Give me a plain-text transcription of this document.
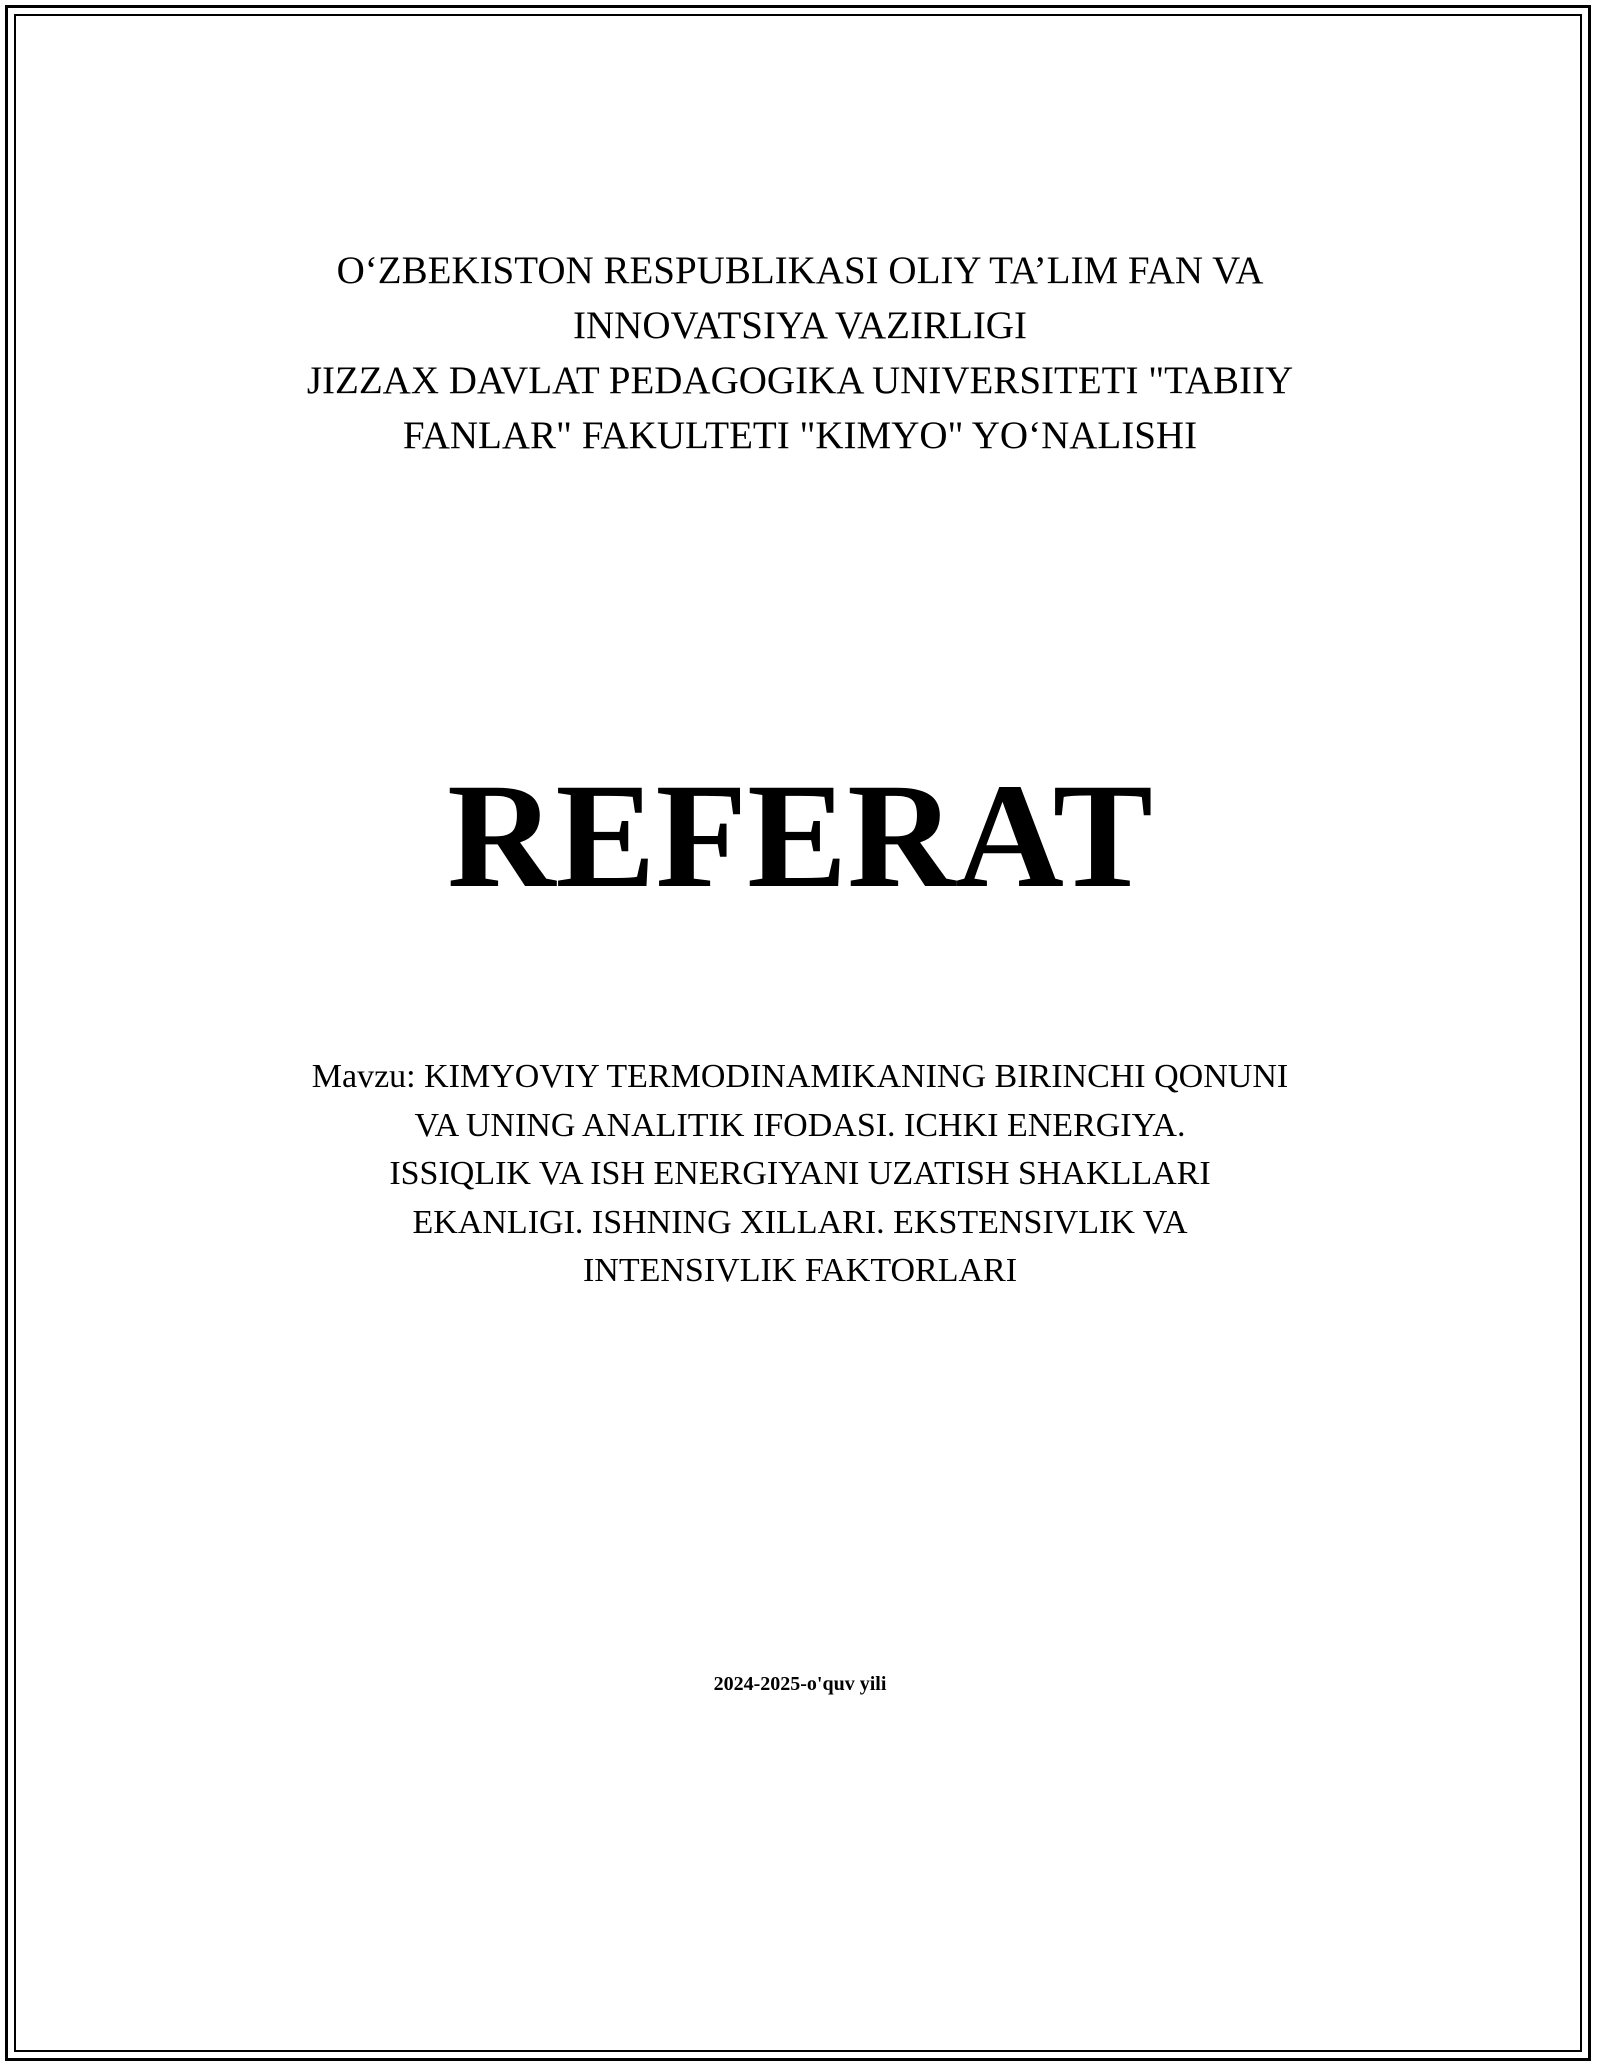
O‘ZBEKISTON RESPUBLIKASI OLIY TA’LIM FAN VA
INNOVATSIYA VAZIRLIGI
JIZZAX DAVLAT PEDAGOGIKA UNIVERSITETI "TABIIY
FANLAR" FAKULTETI "KIMYO" YO‘NALISHI
REFERAT
Mavzu: KIMYOVIY TERMODINAMIKANING BIRINCHI QONUNI
VA UNING ANALITIK IFODASI. ICHKI ENERGIYA.
ISSIQLIK VA ISH ENERGIYANI UZATISH SHAKLLARI
EKANLIGI. ISHNING XILLARI. EKSTENSIVLIK VA
INTENSIVLIK FAKTORLARI
2024-2025-o'quv yili
